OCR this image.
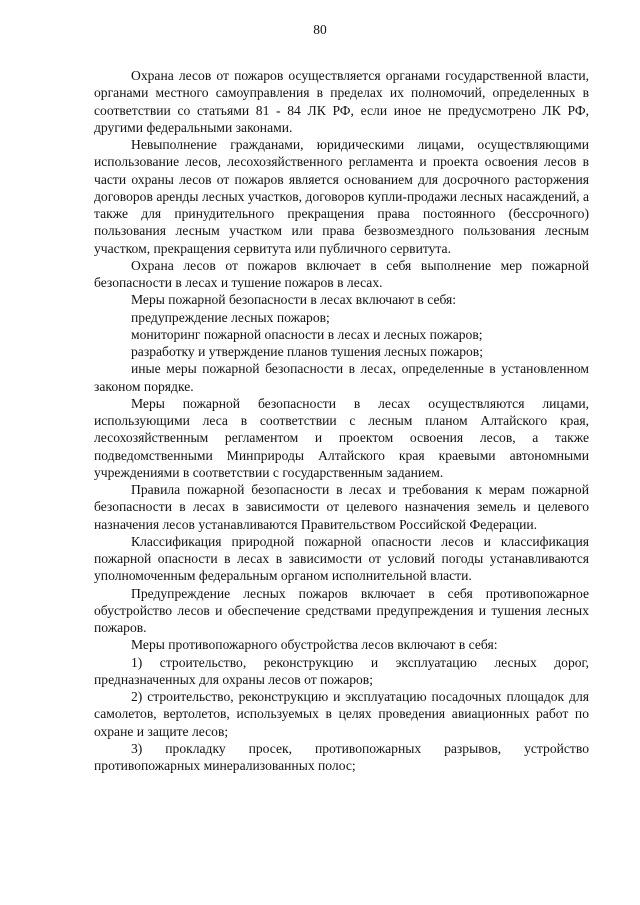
80

Охрана лесов от пожаров осуществляется органами государственной власти, органами местного самоуправления в пределах их полномочий, определенных в соответствии со статьями 81 - 84 ЛК РФ, если иное не предусмотрено ЛК РФ, другими федеральными законами.

Невыполнение гражданами, юридическими лицами, осуществляющими использование лесов, лесохозяйственного регламента и проекта освоения лесов в части охраны лесов от пожаров является основанием для досрочного расторжения договоров аренды лесных участков, договоров купли-продажи лесных насаждений, а также для принудительного прекращения права постоянного (бессрочного) пользования лесным участком или права безвозмездного пользования лесным участком, прекращения сервитута или публичного сервитута.

Охрана лесов от пожаров включает в себя выполнение мер пожарной безопасности в лесах и тушение пожаров в лесах.

Меры пожарной безопасности в лесах включают в себя:

предупреждение лесных пожаров;

мониторинг пожарной опасности в лесах и лесных пожаров;

разработку и утверждение планов тушения лесных пожаров;

иные меры пожарной безопасности в лесах, определенные в установленном законом порядке.

Меры пожарной безопасности в лесах осуществляются лицами, использующими леса в соответствии с лесным планом Алтайского края, лесохозяйственным регламентом и проектом освоения лесов, а также подведомственными Минприроды Алтайского края краевыми автономными учреждениями в соответствии с государственным заданием.

Правила пожарной безопасности в лесах и требования к мерам пожарной безопасности в лесах в зависимости от целевого назначения земель и целевого назначения лесов устанавливаются Правительством Российской Федерации.

Классификация природной пожарной опасности лесов и классификация пожарной опасности в лесах в зависимости от условий погоды устанавливаются уполномоченным федеральным органом исполнительной власти.

Предупреждение лесных пожаров включает в себя противопожарное обустройство лесов и обеспечение средствами предупреждения и тушения лесных пожаров.

Меры противопожарного обустройства лесов включают в себя:

1) строительство, реконструкцию и эксплуатацию лесных дорог, предназначенных для охраны лесов от пожаров;

2) строительство, реконструкцию и эксплуатацию посадочных площадок для самолетов, вертолетов, используемых в целях проведения авиационных работ по охране и защите лесов;

3) прокладку просек, противопожарных разрывов, устройство противопожарных минерализованных полос;
